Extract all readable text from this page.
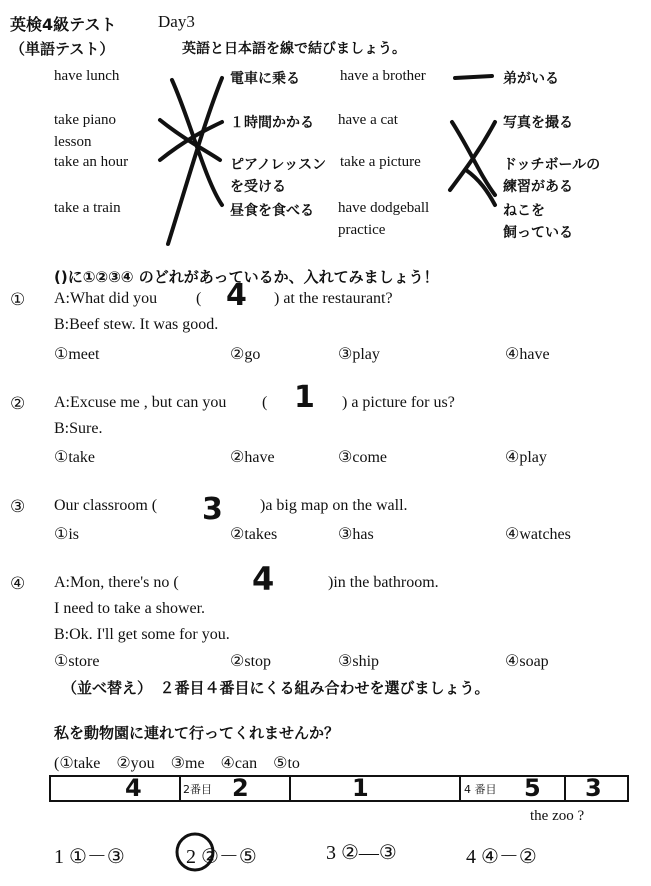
英検4級テスト Day3
（単語テスト）	英語と日本語を線で結びましょう。
have lunch
take piano
lesson
take an hour
take a train
電車に乗る
１時間かかる
ピアノレッスン
を受ける
昼食を食べる
have a brother
have a cat
take a picture
have dodgeball
practice
弟がいる
写真を撮る
ドッチボールの
練習がある
ねこを
飼っている
()に①②③④ のどれがあっているか、入れてみましょう！
① A:What did you ( 4 ) at the restaurant?
B:Beef stew. It was good.
①meet	②go	③play	④have
② A:Excuse me , but can you ( 1 ) a picture for us?
B:Sure.
①take	②have	③come	④play
③ Our classroom ( 3 )a big map on the wall.
①is	②takes	③has	④watches
④ A:Mon, there's no ( 4	)in the bathroom.
I need to take a shower.
B:Ok. I'll get some for you.
①store	②stop	③ship	④soap
（並べ替え）　２番目４番目にくる組み合わせを選びましょう。
私を動物園に連れて行ってくれませんか？
(①take　②you　③me　④can　⑤to
4	2番目 2	1	4 番目 5 3
the zoo ?
1 ①－③	2 ②－⑤	3 ②―③	4 ④－②
